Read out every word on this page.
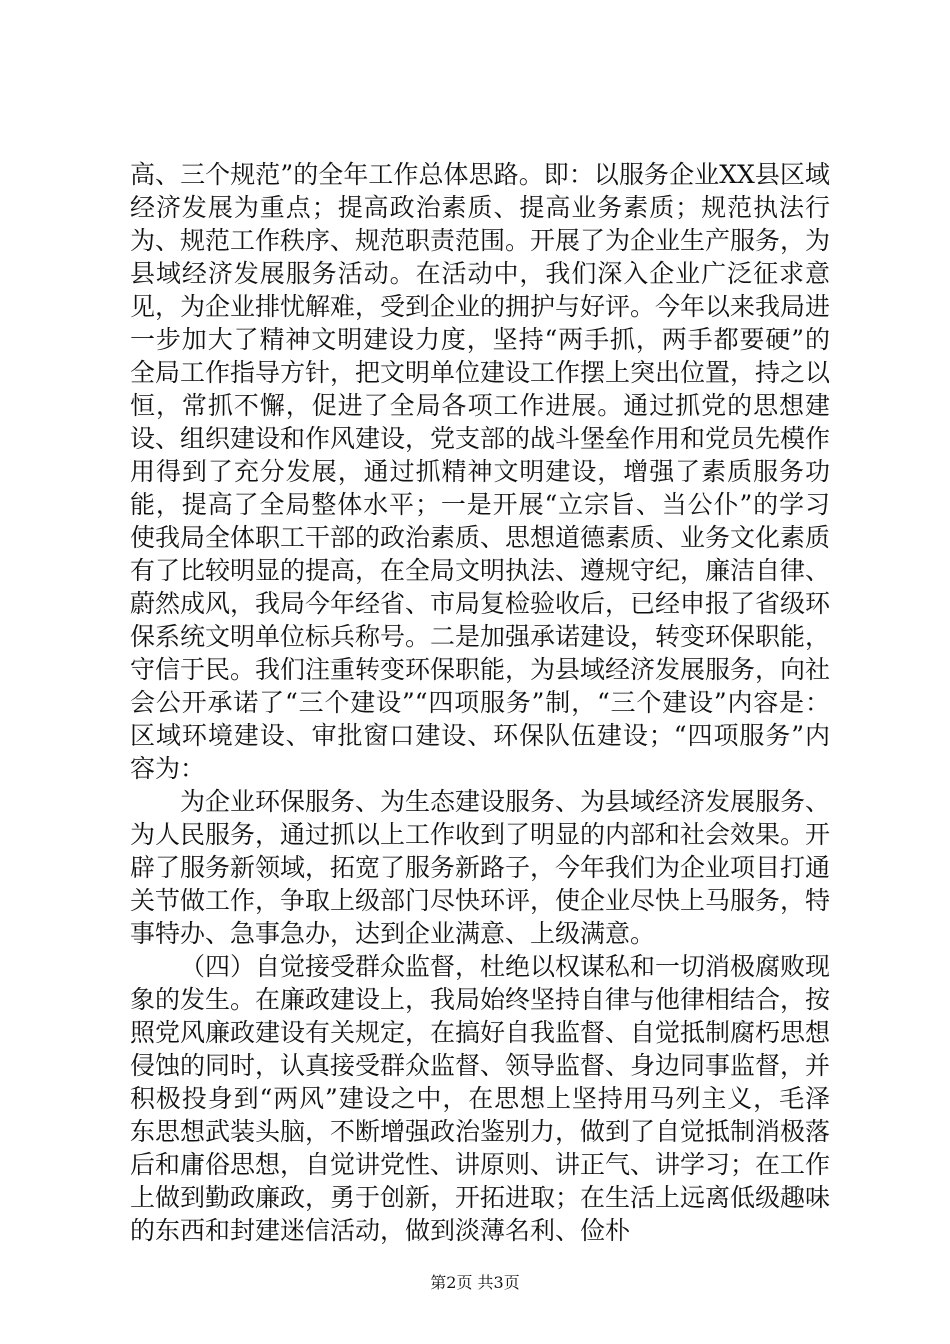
高、三个规范”的全年工作总体思路。即：以服务企业XX县区域经济发展为重点；提高政治素质、提高业务素质；规范执法行为、规范工作秩序、规范职责范围。开展了为企业生产服务，为县域经济发展服务活动。在活动中，我们深入企业广泛征求意见，为企业排忧解难，受到企业的拥护与好评。今年以来我局进一步加大了精神文明建设力度，坚持“两手抓，两手都要硬”的全局工作指导方针，把文明单位建设工作摆上突出位置，持之以恒，常抓不懈，促进了全局各项工作进展。通过抓党的思想建设、组织建设和作风建设，党支部的战斗堡垒作用和党员先模作用得到了充分发展，通过抓精神文明建设，增强了素质服务功能，提高了全局整体水平；一是开展“立宗旨、当公仆”的学习使我局全体职工干部的政治素质、思想道德素质、业务文化素质有了比较明显的提高，在全局文明执法、遵规守纪，廉洁自律、蔚然成风，我局今年经省、市局复检验收后，已经申报了省级环保系统文明单位标兵称号。二是加强承诺建设，转变环保职能，守信于民。我们注重转变环保职能，为县域经济发展服务，向社会公开承诺了“三个建设”“四项服务”制，“三个建设”内容是：区域环境建设、审批窗口建设、环保队伍建设；“四项服务”内容为：

为企业环保服务、为生态建设服务、为县域经济发展服务、为人民服务，通过抓以上工作收到了明显的内部和社会效果。开辟了服务新领域，拓宽了服务新路子，今年我们为企业项目打通关节做工作，争取上级部门尽快环评，使企业尽快上马服务，特事特办、急事急办，达到企业满意、上级满意。

（四）自觉接受群众监督，杜绝以权谋私和一切消极腐败现象的发生。在廉政建设上，我局始终坚持自律与他律相结合，按照党风廉政建设有关规定，在搞好自我监督、自觉抵制腐朽思想侵蚀的同时，认真接受群众监督、领导监督、身边同事监督，并积极投身到“两风”建设之中，在思想上坚持用马列主义，毛泽东思想武装头脑，不断增强政治鉴别力，做到了自觉抵制消极落后和庸俗思想，自觉讲党性、讲原则、讲正气、讲学习；在工作上做到勤政廉政，勇于创新，开拓进取；在生活上远离低级趣味的东西和封建迷信活动，做到淡薄名利、俭朴

第2页 共3页
